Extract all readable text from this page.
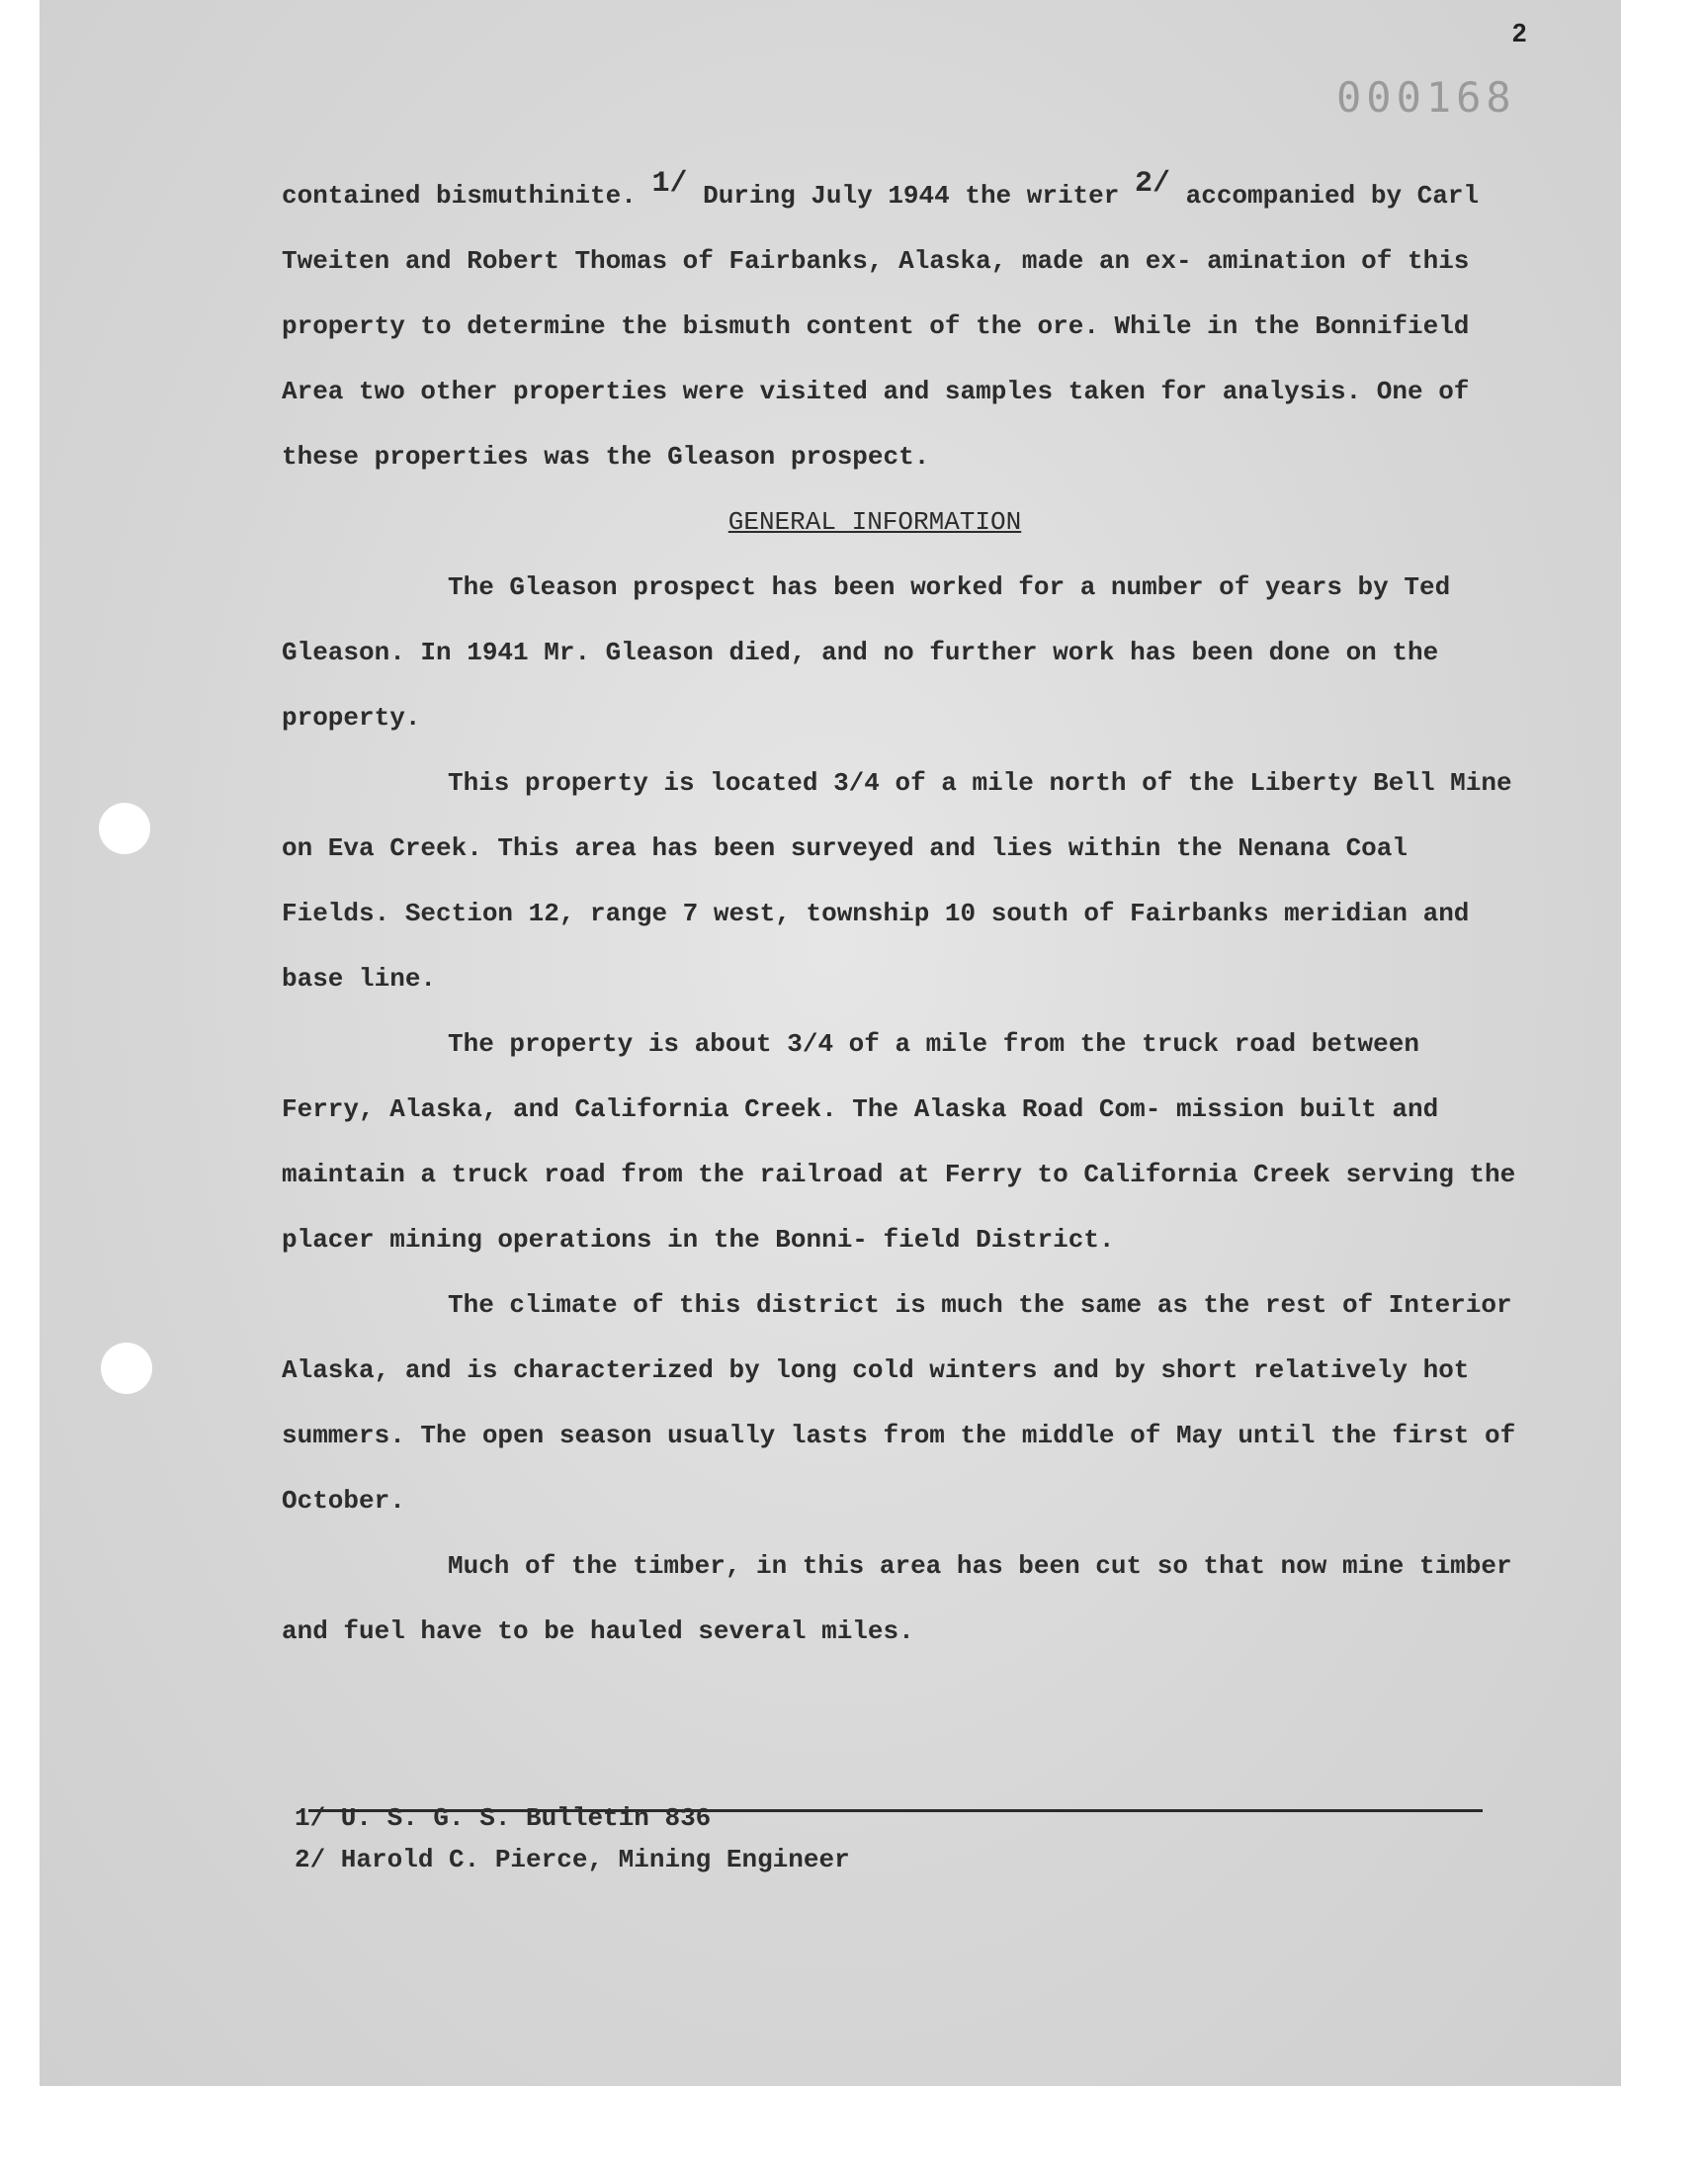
2
000168

contained bismuthinite. $^{1/}$ During July 1944 the writer $^{2/}$ accompanied by Carl Tweiten and Robert Thomas of Fairbanks, Alaska, made an ex- amination of this property to determine the bismuth content of the ore. While in the Bonnifield Area two other properties were visited and samples taken for analysis. One of these properties was the Gleason prospect.

GENERAL INFORMATION

The Gleason prospect has been worked for a number of years by Ted Gleason. In 1941 Mr. Gleason died, and no further work has been done on the property.

This property is located 3/4 of a mile north of the Liberty Bell Mine on Eva Creek. This area has been surveyed and lies within the Nenana Coal Fields. Section 12, range 7 west, township 10 south of Fairbanks meridian and base line.

The property is about 3/4 of a mile from the truck road between Ferry, Alaska, and California Creek. The Alaska Road Com- mission built and maintain a truck road from the railroad at Ferry to California Creek serving the placer mining operations in the Bonni- field District.

The climate of this district is much the same as the rest of Interior Alaska, and is characterized by long cold winters and by short relatively hot summers. The open season usually lasts from the middle of May until the first of October.

Much of the timber, in this area has been cut so that now mine timber and fuel have to be hauled several miles.

1/ U. S. G. S. Bulletin 836

2/ Harold C. Pierce, Mining Engineer
